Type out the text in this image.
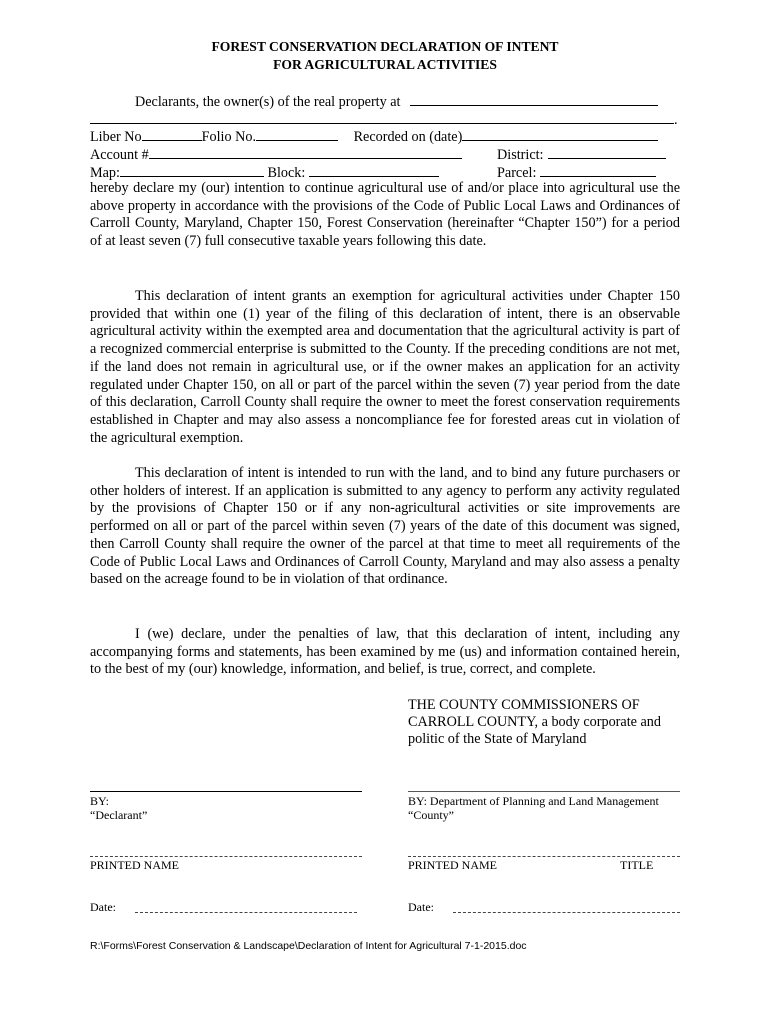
FOREST CONSERVATION DECLARATION OF INTENT
FOR AGRICULTURAL ACTIVITIES
Declarants, the owner(s) of the real property at
.
Liber No	Folio No.	Recorded on (date)
Account #	District:
Map:	Block:	Parcel:
hereby declare my (our) intention to continue agricultural use of and/or place into agricultural use the above property in accordance with the provisions of the Code of Public Local Laws and Ordinances of Carroll County, Maryland, Chapter 150, Forest Conservation (hereinafter “Chapter 150”) for a period of at least seven (7) full consecutive taxable years following this date.
This declaration of intent grants an exemption for agricultural activities under Chapter 150 provided that within one (1) year of the filing of this declaration of intent, there is an observable agricultural activity within the exempted area and documentation that the agricultural activity is part of a recognized commercial enterprise is submitted to the County. If the preceding conditions are not met, if the land does not remain in agricultural use, or if the owner makes an application for an activity regulated under Chapter 150, on all or part of the parcel within the seven (7) year period from the date of this declaration, Carroll County shall require the owner to meet the forest conservation requirements established in Chapter and may also assess a noncompliance fee for forested areas cut in violation of the agricultural exemption.
This declaration of intent is intended to run with the land, and to bind any future purchasers or other holders of interest. If an application is submitted to any agency to perform any activity regulated by the provisions of Chapter 150 or if any non-agricultural activities or site improvements are performed on all or part of the parcel within seven (7) years of the date of this document was signed, then Carroll County shall require the owner of the parcel at that time to meet all requirements of the Code of Public Local Laws and Ordinances of Carroll County, Maryland and may also assess a penalty based on the acreage found to be in violation of that ordinance.
I (we) declare, under the penalties of law, that this declaration of intent, including any accompanying forms and statements, has been examined by me (us) and information contained herein, to the best of my (our) knowledge, information, and belief, is true, correct, and complete.
THE COUNTY COMMISSIONERS OF
CARROLL COUNTY, a body corporate and
politic of the State of Maryland
BY:
“Declarant”
BY: Department of Planning and Land Management
“County”
PRINTED NAME	PRINTED NAME	TITLE
Date:	Date:
R:\Forms\Forest Conservation & Landscape\Declaration of Intent for Agricultural 7-1-2015.doc
